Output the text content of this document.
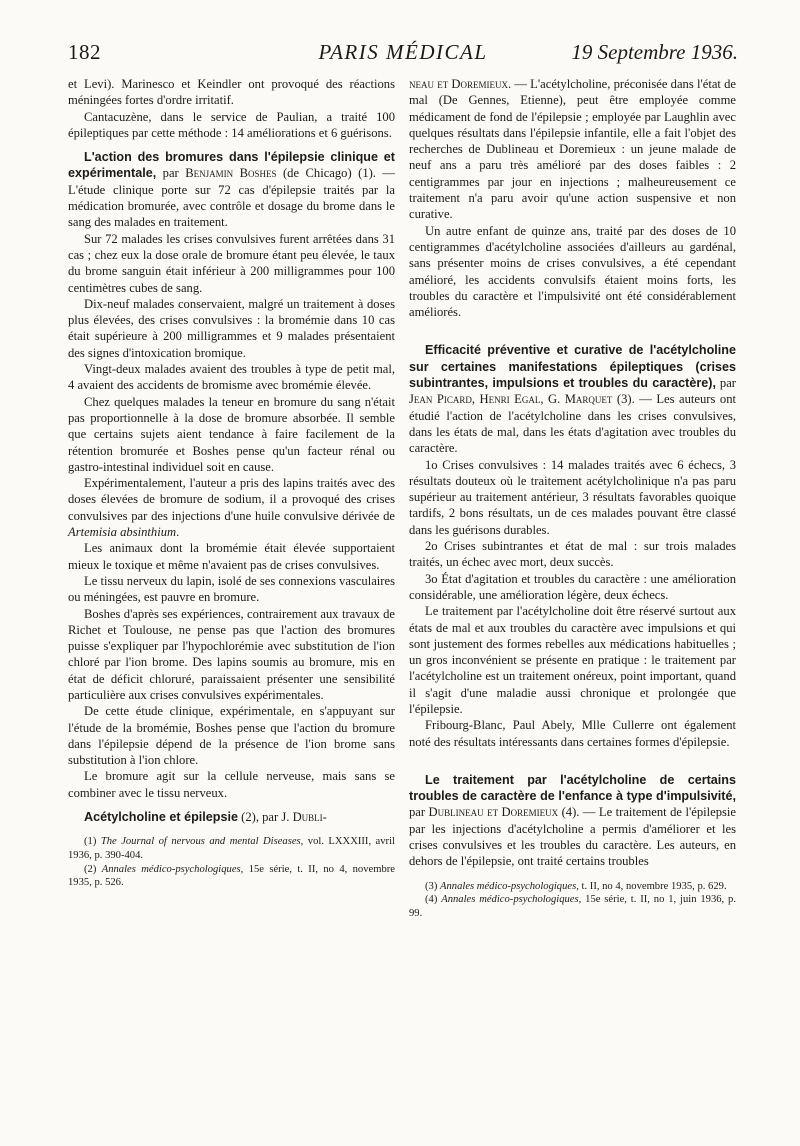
182	PARIS MÉDICAL	19 Septembre 1936.

et Levi). Marinesco et Keindler ont provoqué des réactions méningées fortes d'ordre irritatif.

Cantacuzène, dans le service de Paulian, a traité 100 épileptiques par cette méthode : 14 améliorations et 6 guérisons.

L'action des bromures dans l'épilepsie clinique et expérimentale, par Benjamin Boshes (de Chicago) (1). — L'étude clinique porte sur 72 cas d'épilepsie traités par la médication bromurée, avec contrôle et dosage du brome dans le sang des malades en traitement.

Sur 72 malades les crises convulsives furent arrêtées dans 31 cas ; chez eux la dose orale de bromure étant peu élevée, le taux du brome sanguin était inférieur à 200 milligrammes pour 100 centimètres cubes de sang.

Dix-neuf malades conservaient, malgré un traitement à doses plus élevées, des crises convulsives : la bromémie dans 10 cas était supérieure à 200 milligrammes et 9 malades présentaient des signes d'intoxication bromique.

Vingt-deux malades avaient des troubles à type de petit mal, 4 avaient des accidents de bromisme avec bromémie élevée.

Chez quelques malades la teneur en bromure du sang n'était pas proportionnelle à la dose de bromure absorbée. Il semble que certains sujets aient tendance à faire facilement de la rétention bromurée et Boshes pense qu'un facteur rénal ou gastro-intestinal individuel soit en cause.

Expérimentalement, l'auteur a pris des lapins traités avec des doses élevées de bromure de sodium, il a provoqué des crises convulsives par des injections d'une huile convulsive dérivée de Artemisia absinthium.

Les animaux dont la bromémie était élevée supportaient mieux le toxique et même n'avaient pas de crises convulsives.

Le tissu nerveux du lapin, isolé de ses connexions vasculaires ou méningées, est pauvre en bromure.

Boshes d'après ses expériences, contrairement aux travaux de Richet et Toulouse, ne pense pas que l'action des bromures puisse s'expliquer par l'hypochlorémie avec substitution de l'ion chloré par l'ion brome. Des lapins soumis au bromure, mis en état de déficit chloruré, paraissaient présenter une sensibilité particulière aux crises convulsives expérimentales.

De cette étude clinique, expérimentale, en s'appuyant sur l'étude de la bromémie, Boshes pense que l'action du bromure dans l'épilepsie dépend de la présence de l'ion brome sans substitution à l'ion chlore.

Le bromure agit sur la cellule nerveuse, mais sans se combiner avec le tissu nerveux.

Acétylcholine et épilepsie (2), par J. Dubli-

(1) The Journal of nervous and mental Diseases, vol. LXXXIII, avril 1936, p. 390-404.

(2) Annales médico-psychologiques, 15e série, t. II, no 4, novembre 1935, p. 526.

neau et Doremieux. — L'acétylcholine, préconisée dans l'état de mal (De Gennes, Etienne), peut être employée comme médicament de fond de l'épilepsie ; employée par Laughlin avec quelques résultats dans l'épilepsie infantile, elle a fait l'objet des recherches de Dublineau et Doremieux : un jeune malade de neuf ans a paru très amélioré par des doses faibles : 2 centigrammes par jour en injections ; malheureusement ce traitement n'a paru avoir qu'une action suspensive et non curative.

Un autre enfant de quinze ans, traité par des doses de 10 centigrammes d'acétylcholine associées d'ailleurs au gardénal, sans présenter moins de crises convulsives, a été cependant amélioré, les accidents convulsifs étaient moins forts, les troubles du caractère et l'impulsivité ont été considérablement améliorés.

Efficacité préventive et curative de l'acétylcholine sur certaines manifestations épileptiques (crises subintrantes, impulsions et troubles du caractère), par Jean Picard, Henri Egal, G. Marquet (3). — Les auteurs ont étudié l'action de l'acétylcholine dans les crises convulsives, dans les états de mal, dans les états d'agitation avec troubles du caractère.

1o Crises convulsives : 14 malades traités avec 6 échecs, 3 résultats douteux où le traitement acétylcholinique n'a pas paru supérieur au traitement antérieur, 3 résultats favorables quoique tardifs, 2 bons résultats, un de ces malades pouvant être classé dans les guérisons durables.

2o Crises subintrantes et état de mal : sur trois malades traités, un échec avec mort, deux succès.

3o État d'agitation et troubles du caractère : une amélioration considérable, une amélioration légère, deux échecs.

Le traitement par l'acétylcholine doit être réservé surtout aux états de mal et aux troubles du caractère avec impulsions et qui sont justement des formes rebelles aux médications habituelles ; un gros inconvénient se présente en pratique : le traitement par l'acétylcholine est un traitement onéreux, point important, quand il s'agit d'une maladie aussi chronique et prolongée que l'épilepsie.

Fribourg-Blanc, Paul Abely, Mlle Cullerre ont également noté des résultats intéressants dans certaines formes d'épilepsie.

Le traitement par l'acétylcholine de certains troubles de caractère de l'enfance à type d'impulsivité, par Dublineau et Doremieux (4). — Le traitement de l'épilepsie par les injections d'acétylcholine a permis d'améliorer et les crises convulsives et les troubles du caractère. Les auteurs, en dehors de l'épilepsie, ont traité certains troubles

(3) Annales médico-psychologiques, t. II, no 4, novembre 1935, p. 629.

(4) Annales médico-psychologiques, 15e série, t. II, no 1, juin 1936, p. 99.
